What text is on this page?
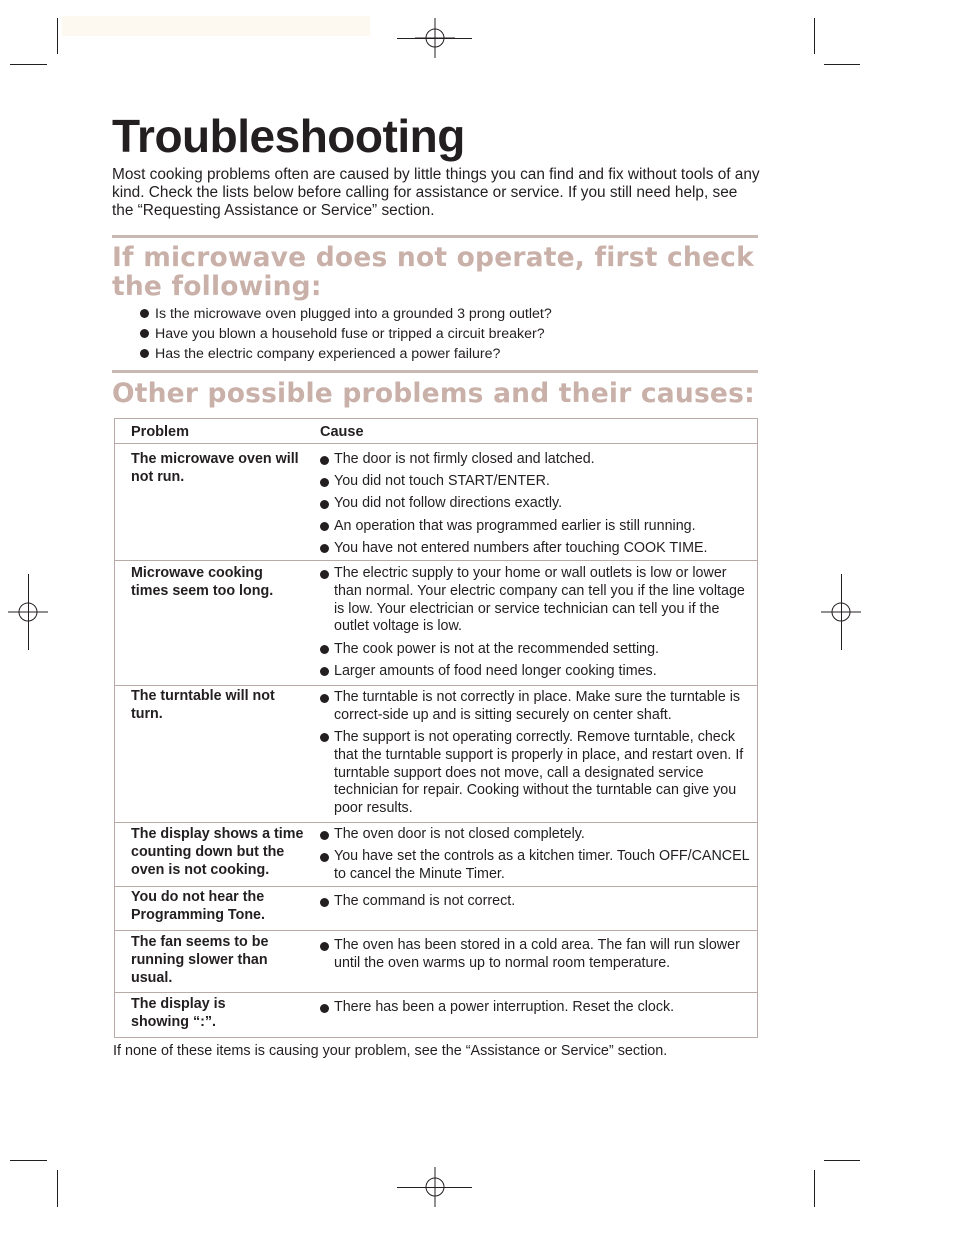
Troubleshooting

Most cooking problems often are caused by little things you can find and fix without tools of any kind. Check the lists below before calling for assistance or service. If you still need help, see the “Requesting Assistance or Service” section.

If microwave does not operate, first check the following:
Is the microwave oven plugged into a grounded 3 prong outlet?
Have you blown a household fuse or tripped a circuit breaker?
Has the electric company experienced a power failure?
Other possible problems and their causes:
Problem	Cause
The microwave oven will not run.
The door is not firmly closed and latched.
You did not touch START/ENTER.
You did not follow directions exactly.
An operation that was programmed earlier is still running.
You have not entered numbers after touching COOK TIME.
Microwave cooking times seem too long.
The electric supply to your home or wall outlets is low or lower than normal. Your electric company can tell you if the line voltage is low. Your electrician or service technician can tell you if the outlet voltage is low.
The cook power is not at the recommended setting.
Larger amounts of food need longer cooking times.
The turntable will not turn.
The turntable is not correctly in place. Make sure the turntable is correct-side up and is sitting securely on center shaft.
The support is not operating correctly. Remove turntable, check that the turntable support is properly in place, and restart oven. If turntable support does not move, call a designated service technician for repair. Cooking without the turntable can give you poor results.
The display shows a time counting down but the oven is not cooking.
The oven door is not closed completely.
You have set the controls as a kitchen timer. Touch OFF/CANCEL to cancel the Minute Timer.
You do not hear the Programming Tone.
The command is not correct.
The fan seems to be running slower than usual.
The oven has been stored in a cold area. The fan will run slower until the oven warms up to normal room temperature.
The display is showing “:”.
There has been a power interruption. Reset the clock.

If none of these items is causing your problem, see the “Assistance or Service” section.
